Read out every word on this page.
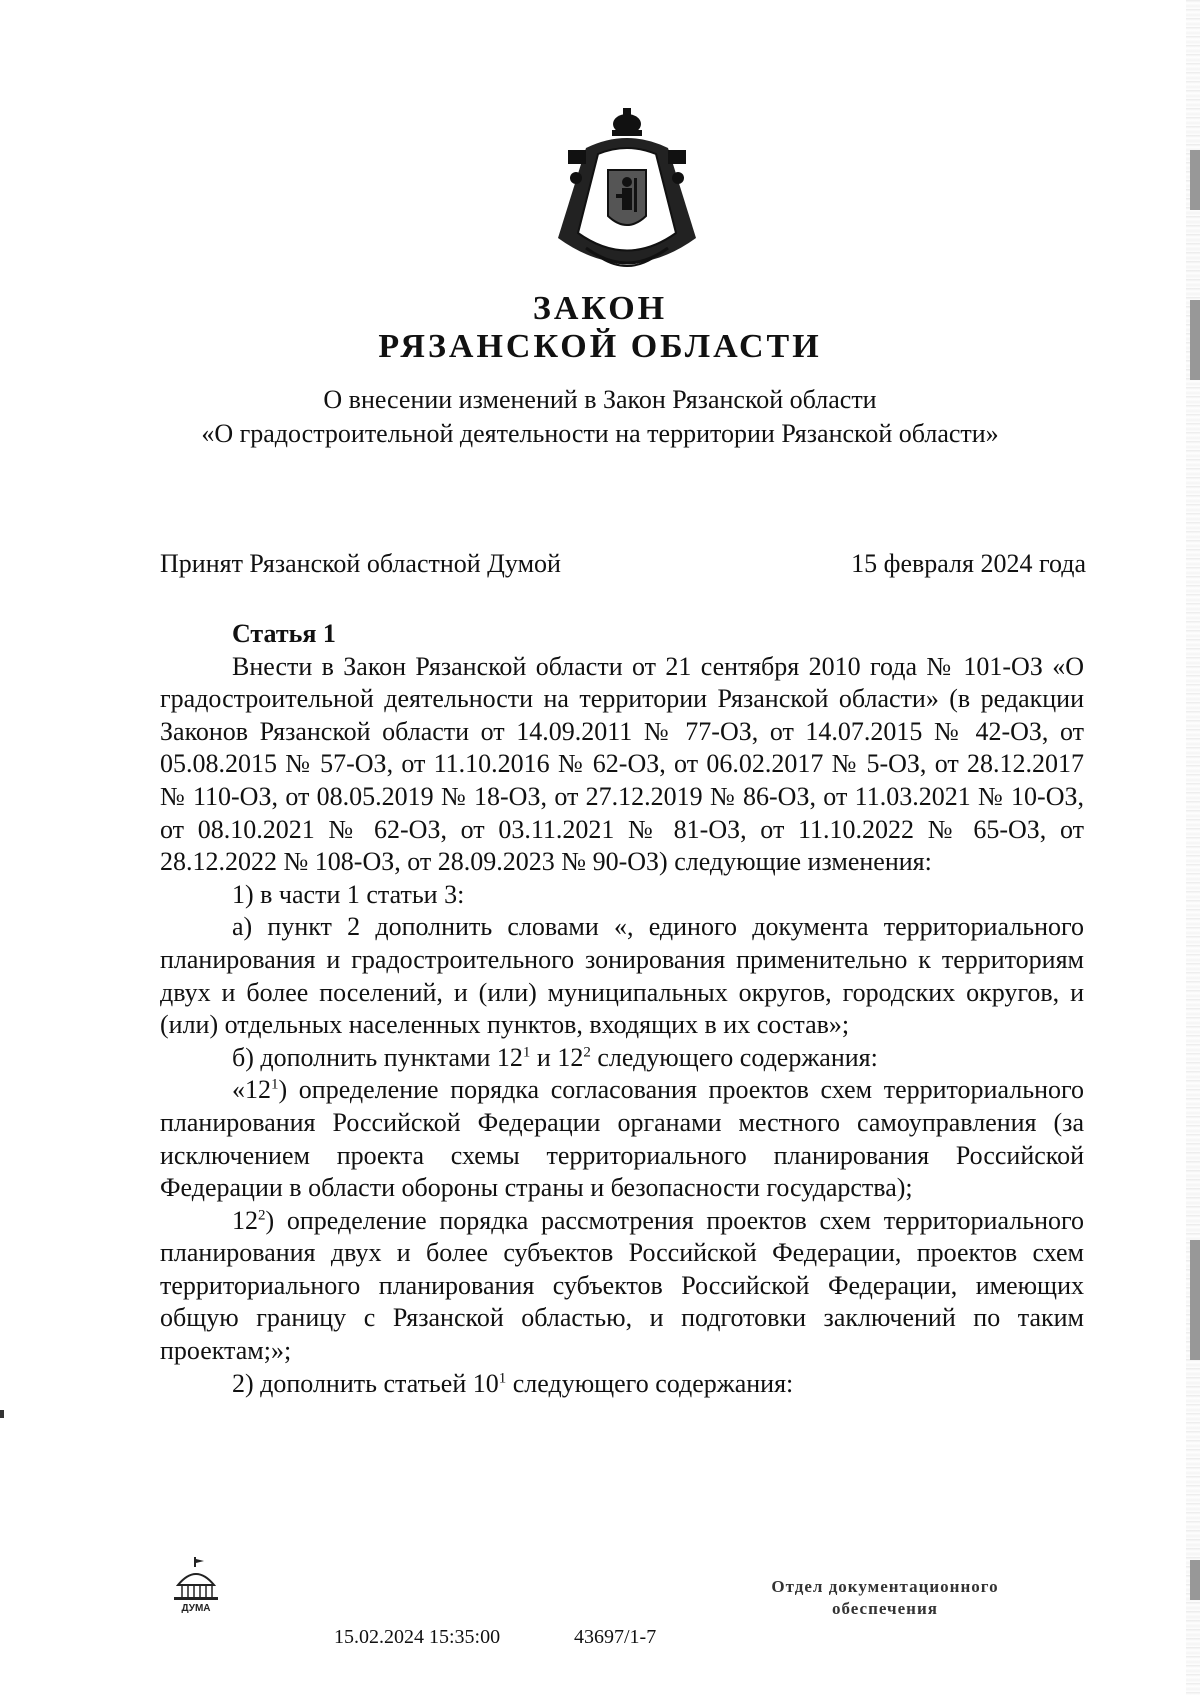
ЗАКОН
РЯЗАНСКОЙ ОБЛАСТИ
О внесении изменений в Закон Рязанской области
«О градостроительной деятельности на территории Рязанской области»
Принят Рязанской областной Думой	15 февраля 2024 года

Статья 1

Внести в Закон Рязанской области от 21 сентября 2010 года № 101-ОЗ «О градостроительной деятельности на территории Рязанской области» (в редакции Законов Рязанской области от 14.09.2011 № 77-ОЗ, от 14.07.2015 № 42-ОЗ, от 05.08.2015 № 57-ОЗ, от 11.10.2016 № 62-ОЗ, от 06.02.2017 № 5-ОЗ, от 28.12.2017 № 110-ОЗ, от 08.05.2019 № 18-ОЗ, от 27.12.2019 № 86-ОЗ, от 11.03.2021 № 10-ОЗ, от 08.10.2021 № 62-ОЗ, от 03.11.2021 № 81-ОЗ, от 11.10.2022 № 65-ОЗ, от 28.12.2022 № 108-ОЗ, от 28.09.2023 № 90-ОЗ) следующие изменения:

1) в части 1 статьи 3:

а) пункт 2 дополнить словами «, единого документа территориального планирования и градостроительного зонирования применительно к территориям двух и более поселений, и (или) муниципальных округов, городских округов, и (или) отдельных населенных пунктов, входящих в их состав»;

б) дополнить пунктами $12^1$ и $12^2$ следующего содержания:

«$12^1$) определение порядка согласования проектов схем территориального планирования Российской Федерации органами местного самоуправления (за исключением проекта схемы территориального планирования Российской Федерации в области обороны страны и безопасности государства);

$12^2$) определение порядка рассмотрения проектов схем территориального планирования двух и более субъектов Российской Федерации, проектов схем территориального планирования субъектов Российской Федерации, имеющих общую границу с Рязанской областью, и подготовки заключений по таким проектам;»;

2) дополнить статьей $10^1$ следующего содержания:

ДУМА
15.02.2024 15:35:00	43697/1-7
Отдел документационного
обеспечения
